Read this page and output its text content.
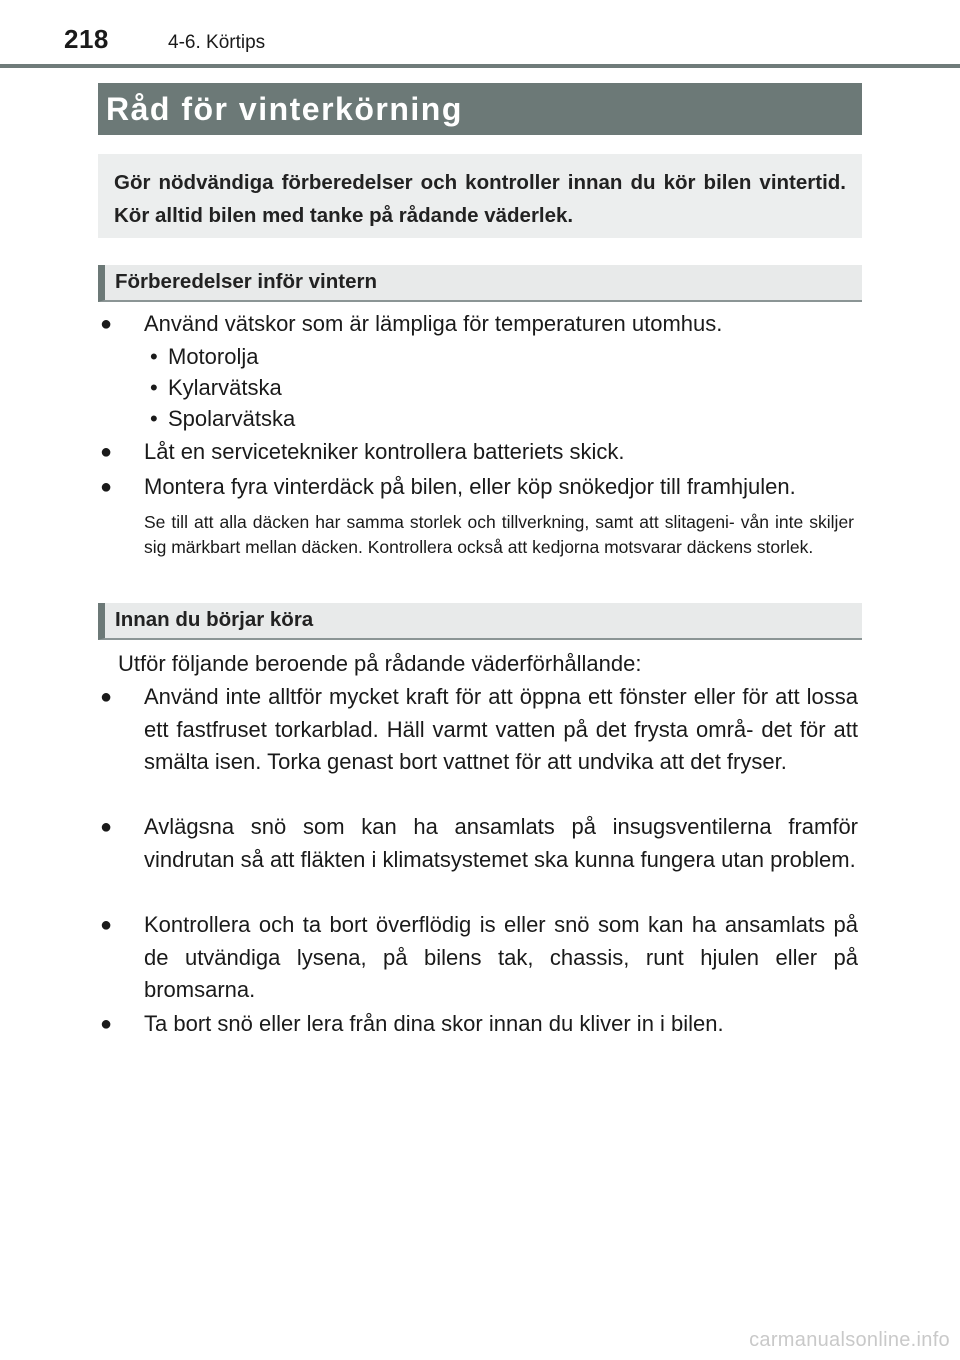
218	4-6. Körtips
Råd för vinterkörning
Gör nödvändiga förberedelser och kontroller innan du kör bilen vintertid. Kör alltid bilen med tanke på rådande väderlek.
Förberedelser inför vintern
●	Använd vätskor som är lämpliga för temperaturen utomhus.
• Motorolja
• Kylarvätska
• Spolarvätska
●	Låt en servicetekniker kontrollera batteriets skick.
●	Montera fyra vinterdäck på bilen, eller köp snökedjor till framhjulen.
Se till att alla däcken har samma storlek och tillverkning, samt att slitageni- vån inte skiljer sig märkbart mellan däcken. Kontrollera också att kedjorna motsvarar däckens storlek.
Innan du börjar köra
Utför följande beroende på rådande väderförhållande:
●	Använd inte alltför mycket kraft för att öppna ett fönster eller för att lossa ett fastfruset torkarblad. Häll varmt vatten på det frysta områ- det för att smälta isen. Torka genast bort vattnet för att undvika att det fryser.
●	Avlägsna snö som kan ha ansamlats på insugsventilerna framför vindrutan så att fläkten i klimatsystemet ska kunna fungera utan problem.
●	Kontrollera och ta bort överflödig is eller snö som kan ha ansamlats på de utvändiga lysena, på bilens tak, chassis, runt hjulen eller på bromsarna.
●	Ta bort snö eller lera från dina skor innan du kliver in i bilen.
carmanualsonline.info
